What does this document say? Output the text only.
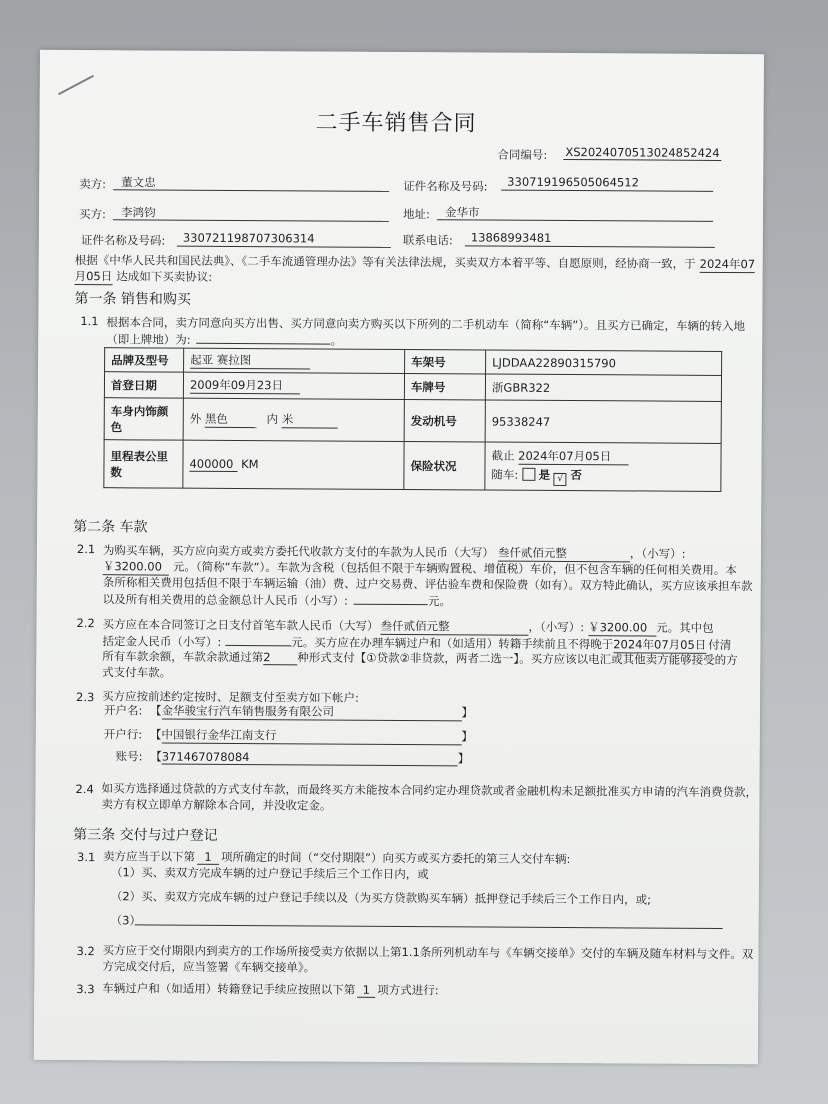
二手车销售合同
合同编号: XS2024070513024852424
卖方: 董文忠	证件名称及号码: 330719196505064512
买方: 李鸿钧	地址: 金华市
证件名称及号码: 330721198707306314	联系电话: 13868993481
根据《中华人民共和国民法典》、《二手车流通管理办法》等有关法律法规，买卖双方本着平等、自愿原则，经协商一致，于 2024年07
月05日 达成如下买卖协议:
第一条 销售和购买
1.1 根据本合同，卖方同意向买方出售、买方同意向卖方购买以下所列的二手机动车（简称“车辆”）。且买方已确定，车辆的转入地
（即上牌地）为:	。
品牌及型号	起亚 赛拉图	车架号	LJDDAA22890315790
首登日期	2009年09月23日	车牌号	浙GBR322
车身内饰颜色	外 黑色 内 米	发动机号	95338247
里程表公里数	400000 KM	保险状况	截止 2024年07月05日
随车: 是 √ 否
第二条 车款
2.1 为购买车辆，买方应向卖方或卖方委托代收款方支付的车款为人民币（大写） 叁仟贰佰元整	，（小写）:
￥3200.00 元。（简称“车款”）。车款为含税（包括但不限于车辆购置税、增值税）车价，但不包含车辆的任何相关费用。本
条所称相关费用包括但不限于车辆运输（油）费、过户交易费、评估验车费和保险费（如有）。双方特此确认，买方应该承担车款
以及所有相关费用的总金额总计人民币（小写）:	元。
2.2 买方应在本合同签订之日支付首笔车款人民币（大写） 叁仟贰佰元整	，（小写）: ￥3200.00 元。其中包
括定金人民币（小写）:	元。买方应在办理车辆过户和（如适用）转籍手续前且不得晚于2024年07月05日 付清
所有车款余额，车款余款通过第2 种形式支付【①贷款②非贷款，两者二选一】。买方应该以电汇或其他卖方能够接受的方
式支付车款。
2.3 买方应按前述约定按时、足额支付至卖方如下帐户:
开户名: 【金华骏宝行汽车销售服务有限公司	】
开户行: 【中国银行金华江南支行	】
账号: 【371467078084	】
2.4 如买方选择通过贷款的方式支付车款，而最终买方未能按本合同约定办理贷款或者金融机构未足额批准买方申请的汽车消费贷款，
卖方有权立即单方解除本合同，并没收定金。
第三条 交付与过户登记
3.1 卖方应当于以下第 1 项所确定的时间（“交付期限”）向买方或买方委托的第三人交付车辆:
（1）买、卖双方完成车辆的过户登记手续后三个工作日内，或
（2）买、卖双方完成车辆的过户登记手续以及（为买方贷款购买车辆）抵押登记手续后三个工作日内，或;
（3）
3.2 买方应于交付期限内到卖方的工作场所接受卖方依据以上第1.1条所列机动车与《车辆交接单》交付的车辆及随车材料与文件。双
方完成交付后，应当签署《车辆交接单》。
3.3 车辆过户和（如适用）转籍登记手续应按照以下第 1 项方式进行:
